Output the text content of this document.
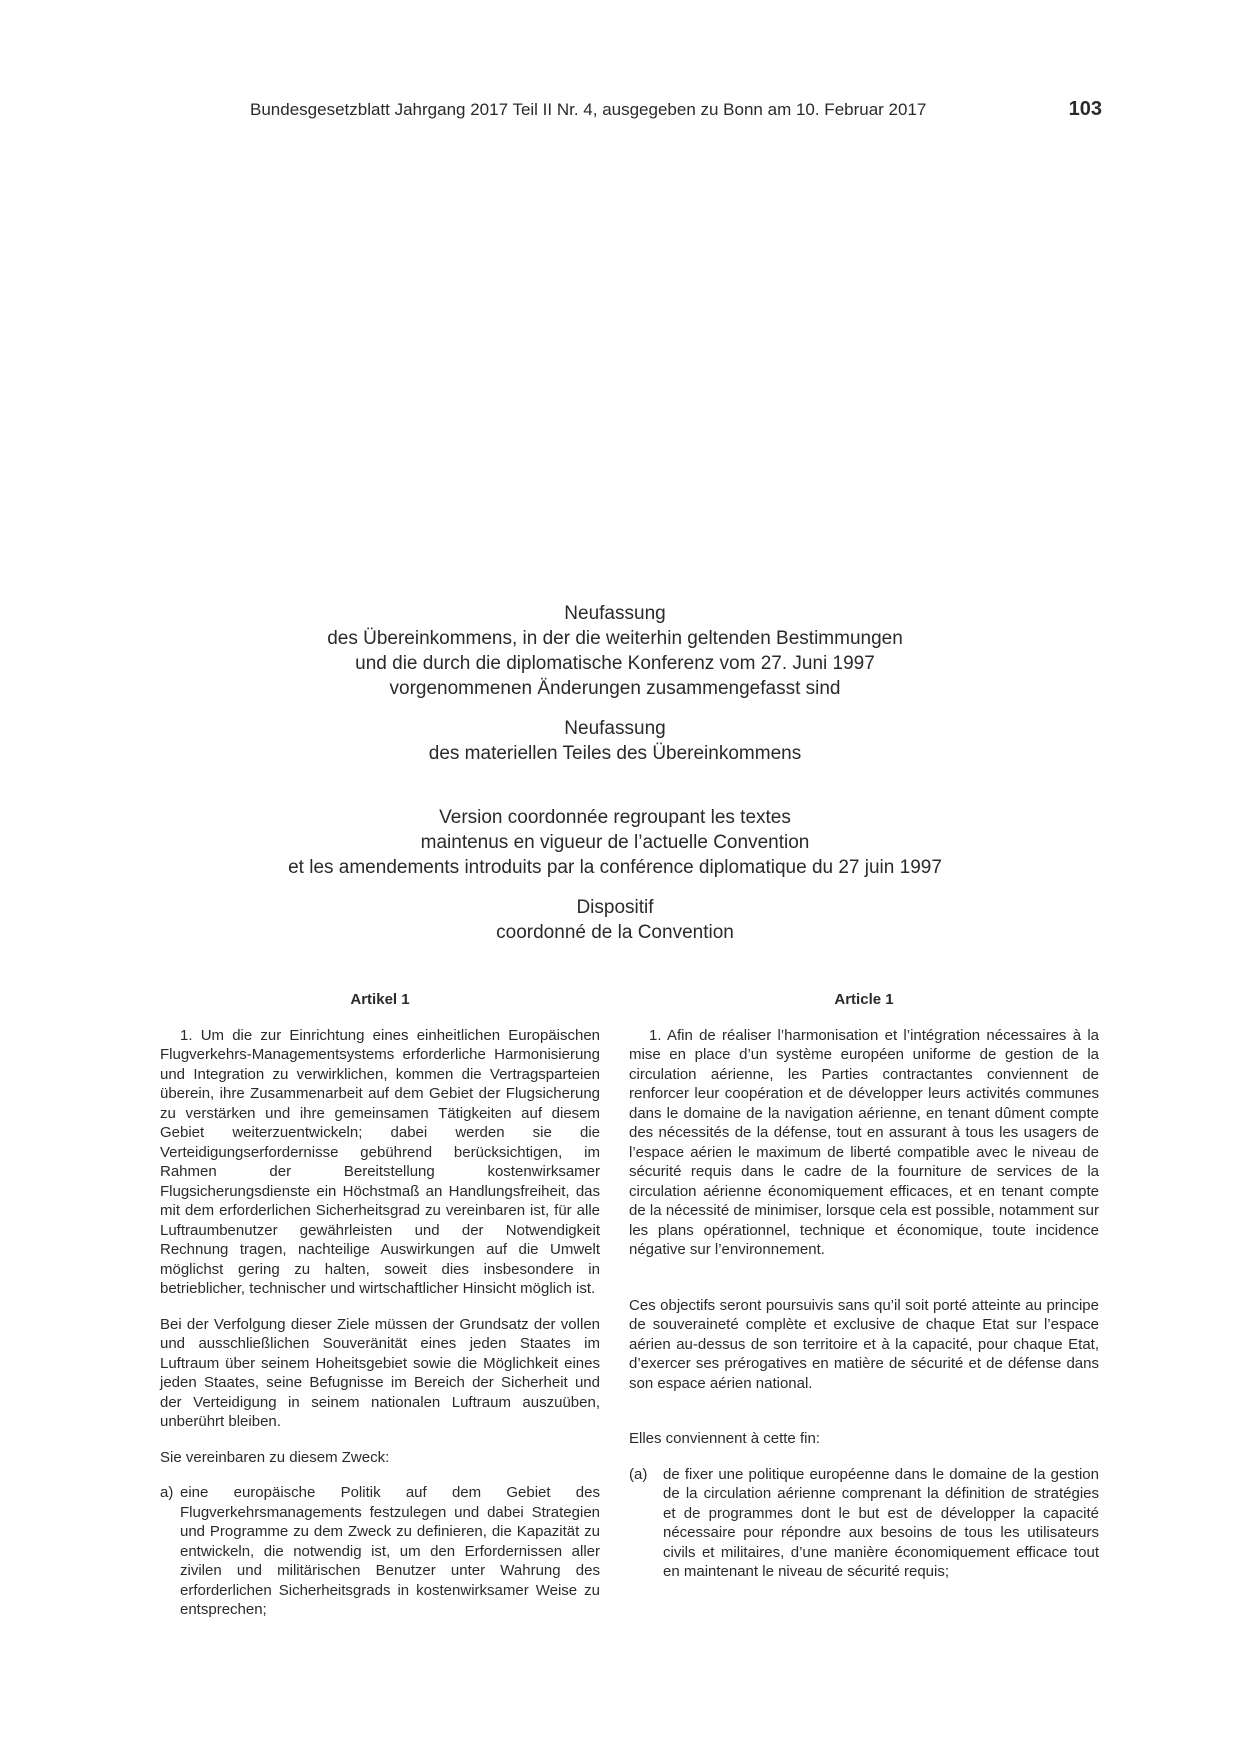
Bundesgesetzblatt Jahrgang 2017 Teil II Nr. 4, ausgegeben zu Bonn am 10. Februar 2017	103

Neufassung

des Übereinkommens, in der die weiterhin geltenden Bestimmungen

und die durch die diplomatische Konferenz vom 27. Juni 1997

vorgenommenen Änderungen zusammengefasst sind

Neufassung

des materiellen Teiles des Übereinkommens

Version coordonnée regroupant les textes

maintenus en vigueur de l’actuelle Convention

et les amendements introduits par la conférence diplomatique du 27 juin 1997

Dispositif

coordonné de la Convention

Artikel 1

1. Um die zur Einrichtung eines einheitlichen Europäischen Flugverkehrs-Managementsystems erforderliche Harmonisierung und Integration zu verwirklichen, kommen die Vertragsparteien überein, ihre Zusammenarbeit auf dem Gebiet der Flugsicherung zu verstärken und ihre gemeinsamen Tätigkeiten auf diesem Gebiet weiterzuentwickeln; dabei werden sie die Verteidigungserfordernisse gebührend berücksichtigen, im Rahmen der Bereitstellung kostenwirksamer Flugsicherungsdienste ein Höchstmaß an Handlungsfreiheit, das mit dem erforderlichen Sicherheitsgrad zu vereinbaren ist, für alle Luftraumbenutzer gewährleisten und der Notwendigkeit Rechnung tragen, nachteilige Auswirkungen auf die Umwelt möglichst gering zu halten, soweit dies insbesondere in betrieblicher, technischer und wirtschaftlicher Hinsicht möglich ist.

Bei der Verfolgung dieser Ziele müssen der Grundsatz der vollen und ausschließlichen Souveränität eines jeden Staates im Luftraum über seinem Hoheitsgebiet sowie die Möglichkeit eines jeden Staates, seine Befugnisse im Bereich der Sicherheit und der Verteidigung in seinem nationalen Luftraum auszuüben, unberührt bleiben.

Sie vereinbaren zu diesem Zweck:

a) eine europäische Politik auf dem Gebiet des Flugverkehrsmanagements festzulegen und dabei Strategien und Programme zu dem Zweck zu definieren, die Kapazität zu entwickeln, die notwendig ist, um den Erfordernissen aller zivilen und militärischen Benutzer unter Wahrung des erforderlichen Sicherheitsgrads in kostenwirksamer Weise zu entsprechen;
Article 1

1. Afin de réaliser l’harmonisation et l’intégration nécessaires à la mise en place d’un système européen uniforme de gestion de la circulation aérienne, les Parties contractantes conviennent de renforcer leur coopération et de développer leurs activités communes dans le domaine de la navigation aérienne, en tenant dûment compte des nécessités de la défense, tout en assurant à tous les usagers de l’espace aérien le maximum de liberté compatible avec le niveau de sécurité requis dans le cadre de la fourniture de services de la circulation aérienne économiquement efficaces, et en tenant compte de la nécessité de minimiser, lorsque cela est possible, notamment sur les plans opérationnel, technique et économique, toute incidence négative sur l’environnement.

Ces objectifs seront poursuivis sans qu’il soit porté atteinte au principe de souveraineté complète et exclusive de chaque Etat sur l’espace aérien au-dessus de son territoire et à la capacité, pour chaque Etat, d’exercer ses prérogatives en matière de sécurité et de défense dans son espace aérien national.

Elles conviennent à cette fin:

(a)	de fixer une politique européenne dans le domaine de la gestion de la circulation aérienne comprenant la définition de stratégies et de programmes dont le but est de développer la capacité nécessaire pour répondre aux besoins de tous les utilisateurs civils et militaires, d’une manière économiquement efficace tout en maintenant le niveau de sécurité requis;
